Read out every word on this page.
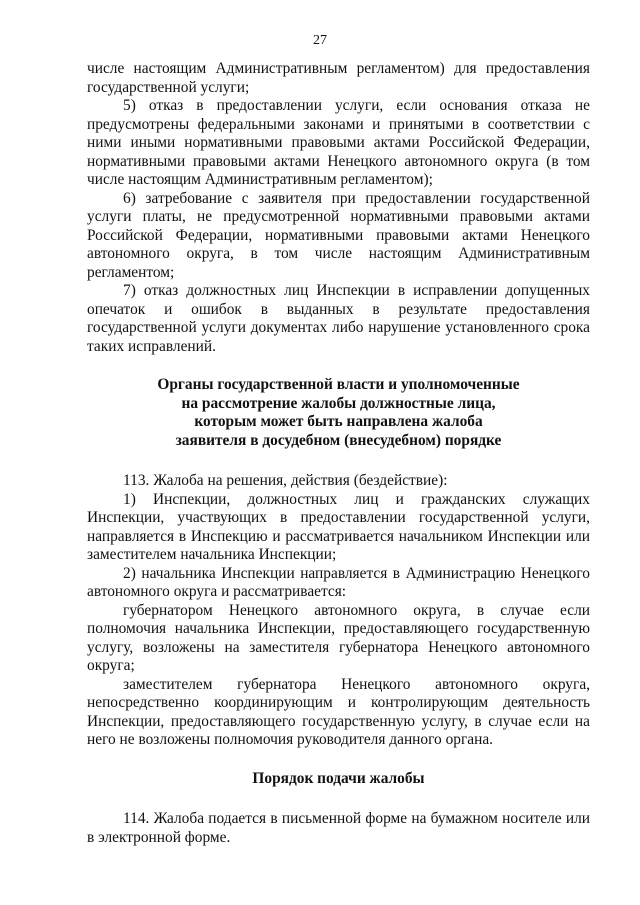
27

числе настоящим Административным регламентом) для предоставления государственной услуги;

5) отказ в предоставлении услуги, если основания отказа не предусмотрены федеральными законами и принятыми в соответствии с ними иными нормативными правовыми актами Российской Федерации, нормативными правовыми актами Ненецкого автономного округа (в том числе настоящим Административным регламентом);

6) затребование с заявителя при предоставлении государственной услуги платы, не предусмотренной нормативными правовыми актами Российской Федерации, нормативными правовыми актами Ненецкого автономного округа, в том числе настоящим Административным регламентом;

7) отказ должностных лиц Инспекции в исправлении допущенных опечаток и ошибок в выданных в результате предоставления государственной услуги документах либо нарушение установленного срока таких исправлений.

Органы государственной власти и уполномоченные
на рассмотрение жалобы должностные лица,
которым может быть направлена жалоба
заявителя в досудебном (внесудебном) порядке

113. Жалоба на решения, действия (бездействие):

1) Инспекции, должностных лиц и гражданских служащих Инспекции, участвующих в предоставлении государственной услуги, направляется в Инспекцию и рассматривается начальником Инспекции или заместителем начальника Инспекции;

2) начальника Инспекции направляется в Администрацию Ненецкого автономного округа и рассматривается:

губернатором Ненецкого автономного округа, в случае если полномочия начальника Инспекции, предоставляющего государственную услугу, возложены на заместителя губернатора Ненецкого автономного округа;

заместителем губернатора Ненецкого автономного округа, непосредственно координирующим и контролирующим деятельность Инспекции, предоставляющего государственную услугу, в случае если на него не возложены полномочия руководителя данного органа.

Порядок подачи жалобы

114. Жалоба подается в письменной форме на бумажном носителе или в электронной форме.
